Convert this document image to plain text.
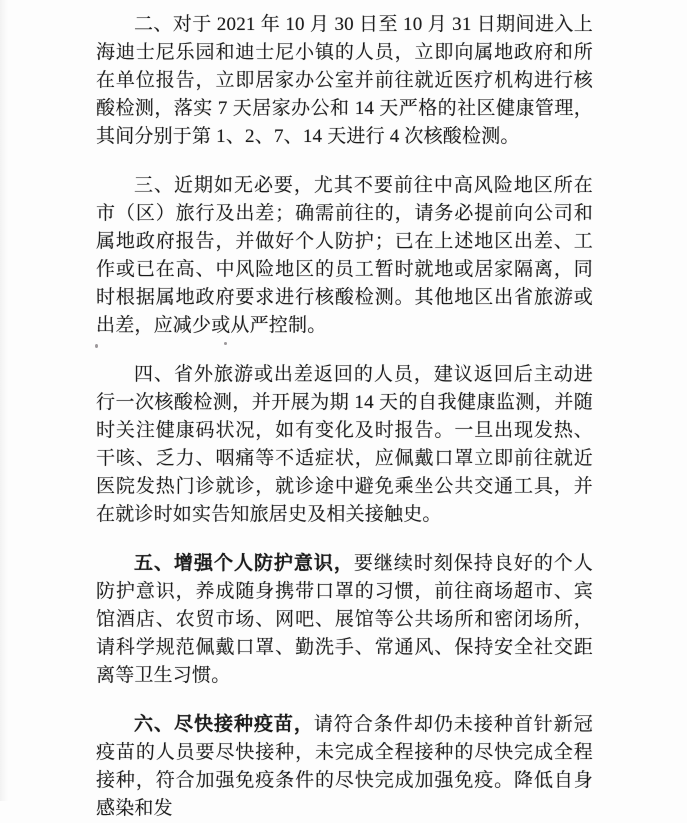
二、对于 2021 年 10 月 30 日至 10 月 31 日期间进入上海迪士尼乐园和迪士尼小镇的人员，立即向属地政府和所在单位报告，立即居家办公室并前往就近医疗机构进行核酸检测，落实 7 天居家办公和 14 天严格的社区健康管理，其间分别于第 1、2、7、14 天进行 4 次核酸检测。

三、近期如无必要，尤其不要前往中高风险地区所在市（区）旅行及出差；确需前往的，请务必提前向公司和属地政府报告，并做好个人防护；已在上述地区出差、工作或已在高、中风险地区的员工暂时就地或居家隔离，同时根据属地政府要求进行核酸检测。其他地区出省旅游或出差，应减少或从严控制。

四、省外旅游或出差返回的人员，建议返回后主动进行一次核酸检测，并开展为期 14 天的自我健康监测，并随时关注健康码状况，如有变化及时报告。一旦出现发热、干咳、乏力、咽痛等不适症状，应佩戴口罩立即前往就近医院发热门诊就诊，就诊途中避免乘坐公共交通工具，并在就诊时如实告知旅居史及相关接触史。

五、增强个人防护意识，要继续时刻保持良好的个人防护意识，养成随身携带口罩的习惯，前往商场超市、宾馆酒店、农贸市场、网吧、展馆等公共场所和密闭场所，请科学规范佩戴口罩、勤洗手、常通风、保持安全社交距离等卫生习惯。

六、尽快接种疫苗，请符合条件却仍未接种首针新冠疫苗的人员要尽快接种，未完成全程接种的尽快完成全程接种，符合加强免疫条件的尽快完成加强免疫。降低自身感染和发
